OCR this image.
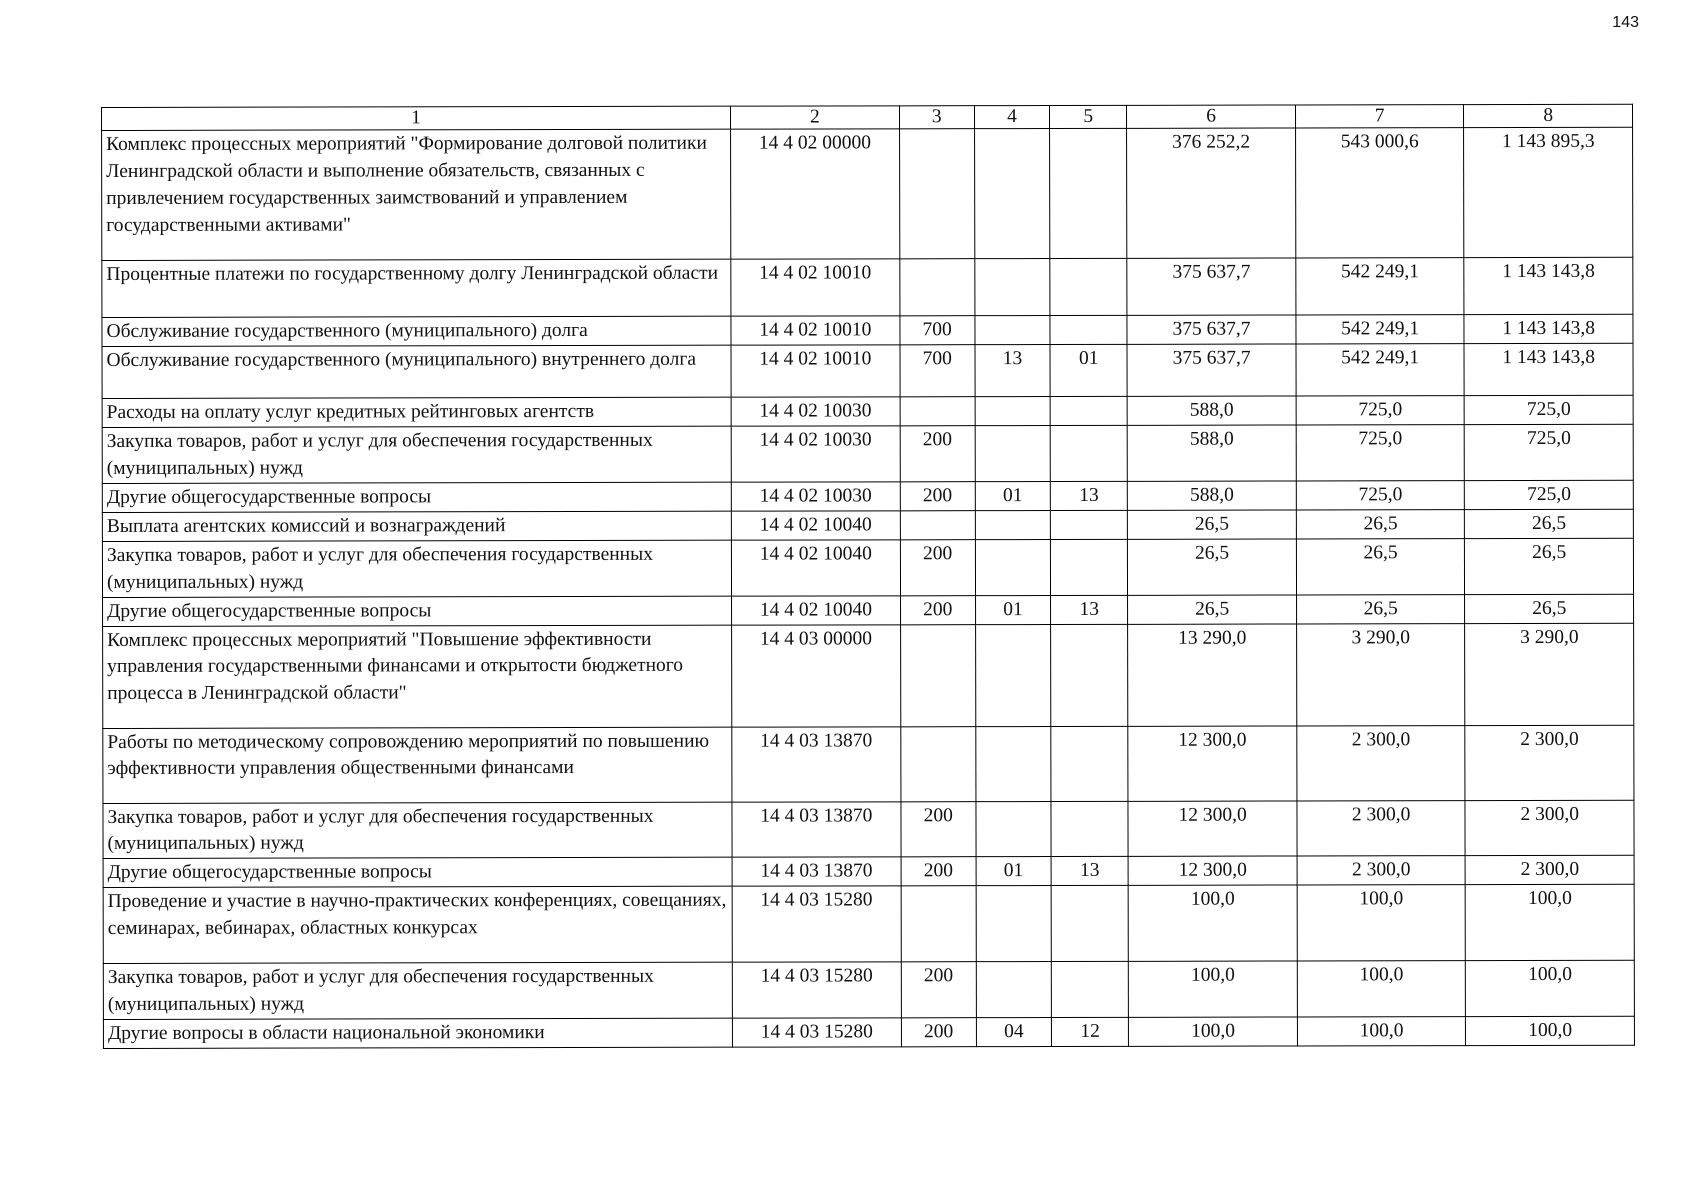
143
1	2	3	4	5	6	7	8
Комплекс процессных мероприятий "Формирование долговой политики Ленинградской области и выполнение обязательств, связанных с привлечением государственных заимствований и управлением государственными активами"	14 4 02 00000				376 252,2	543 000,6	1 143 895,3
Процентные платежи по государственному долгу Ленинградской области	14 4 02 10010				375 637,7	542 249,1	1 143 143,8
Обслуживание государственного (муниципального) долга	14 4 02 10010	700			375 637,7	542 249,1	1 143 143,8
Обслуживание государственного (муниципального) внутреннего долга	14 4 02 10010	700	13	01	375 637,7	542 249,1	1 143 143,8
Расходы на оплату услуг кредитных рейтинговых агентств	14 4 02 10030				588,0	725,0	725,0
Закупка товаров, работ и услуг для обеспечения государственных (муниципальных) нужд	14 4 02 10030	200			588,0	725,0	725,0
Другие общегосударственные вопросы	14 4 02 10030	200	01	13	588,0	725,0	725,0
Выплата агентских комиссий и вознаграждений	14 4 02 10040				26,5	26,5	26,5
Закупка товаров, работ и услуг для обеспечения государственных (муниципальных) нужд	14 4 02 10040	200			26,5	26,5	26,5
Другие общегосударственные вопросы	14 4 02 10040	200	01	13	26,5	26,5	26,5
Комплекс процессных мероприятий "Повышение эффективности управления государственными финансами и открытости бюджетного процесса в Ленинградской области"	14 4 03 00000				13 290,0	3 290,0	3 290,0
Работы по методическому сопровождению мероприятий по повышению эффективности управления общественными финансами	14 4 03 13870				12 300,0	2 300,0	2 300,0
Закупка товаров, работ и услуг для обеспечения государственных (муниципальных) нужд	14 4 03 13870	200			12 300,0	2 300,0	2 300,0
Другие общегосударственные вопросы	14 4 03 13870	200	01	13	12 300,0	2 300,0	2 300,0
Проведение и участие в научно-практических конференциях, совещаниях, семинарах, вебинарах, областных конкурсах	14 4 03 15280				100,0	100,0	100,0
Закупка товаров, работ и услуг для обеспечения государственных (муниципальных) нужд	14 4 03 15280	200			100,0	100,0	100,0
Другие вопросы в области национальной экономики	14 4 03 15280	200	04	12	100,0	100,0	100,0
